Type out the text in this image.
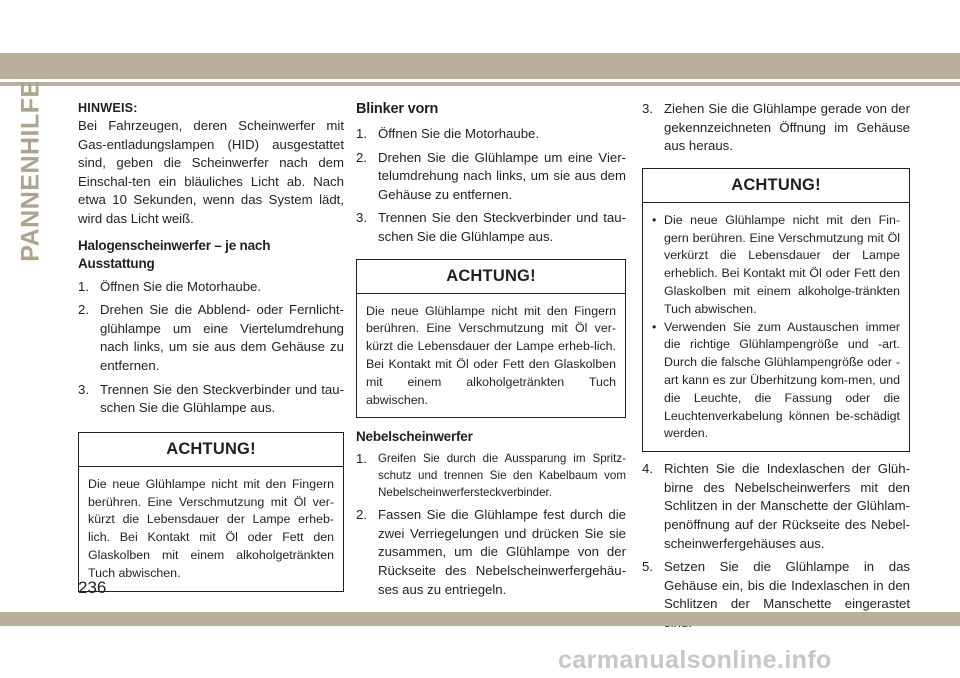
PANNENHILFE	HINWEIS:
Bei Fahrzeugen, deren Scheinwerfer mit Gas-entladungslampen (HID) ausgestattet sind, geben die Scheinwerfer nach dem Einschal-ten ein bläuliches Licht ab. Nach etwa 10 Sekunden, wenn das System lädt, wird das Licht weiß.
Halogenscheinwerfer – je nach Ausstattung
1. Öffnen Sie die Motorhaube.
2. Drehen Sie die Abblend- oder Fernlicht-glühlampe um eine Viertelumdrehung nach links, um sie aus dem Gehäuse zu entfernen.
3. Trennen Sie den Steckverbinder und tau-schen Sie die Glühlampe aus.
ACHTUNG!
Die neue Glühlampe nicht mit den Fingern berühren. Eine Verschmutzung mit Öl ver-kürzt die Lebensdauer der Lampe erheb-lich. Bei Kontakt mit Öl oder Fett den Glaskolben mit einem alkoholgetränkten Tuch abwischen.
Blinker vorn
1. Öffnen Sie die Motorhaube.
2. Drehen Sie die Glühlampe um eine Vier-telumdrehung nach links, um sie aus dem Gehäuse zu entfernen.
3. Trennen Sie den Steckverbinder und tau-schen Sie die Glühlampe aus.
ACHTUNG!
Die neue Glühlampe nicht mit den Fingern berühren. Eine Verschmutzung mit Öl ver-kürzt die Lebensdauer der Lampe erheb-lich. Bei Kontakt mit Öl oder Fett den Glaskolben mit einem alkoholgetränkten Tuch abwischen.
Nebelscheinwerfer
1. Greifen Sie durch die Aussparung im Spritz-schutz und trennen Sie den Kabelbaum vom Nebelscheinwerfersteckverbinder.
2. Fassen Sie die Glühlampe fest durch die zwei Verriegelungen und drücken Sie sie zusammen, um die Glühlampe von der Rückseite des Nebelscheinwerfergehäu-ses aus zu entriegeln.
3. Ziehen Sie die Glühlampe gerade von der gekennzeichneten Öffnung im Gehäuse aus heraus.
ACHTUNG!
• Die neue Glühlampe nicht mit den Fin-gern berühren. Eine Verschmutzung mit Öl verkürzt die Lebensdauer der Lampe erheblich. Bei Kontakt mit Öl oder Fett den Glaskolben mit einem alkoholge-tränkten Tuch abwischen.
• Verwenden Sie zum Austauschen immer die richtige Glühlampengröße und -art. Durch die falsche Glühlampengröße oder -art kann es zur Überhitzung kom-men, und die Leuchte, die Fassung oder die Leuchtenverkabelung können be-schädigt werden.
4. Richten Sie die Indexlaschen der Glüh-birne des Nebelscheinwerfers mit den Schlitzen in der Manschette der Glühlam-penöffnung auf der Rückseite des Nebel-scheinwerfergehäuses aus.
5. Setzen Sie die Glühlampe in das Gehäuse ein, bis die Indexlaschen in den Schlitzen der Manschette eingerastet
236
carmanualsonline.info
